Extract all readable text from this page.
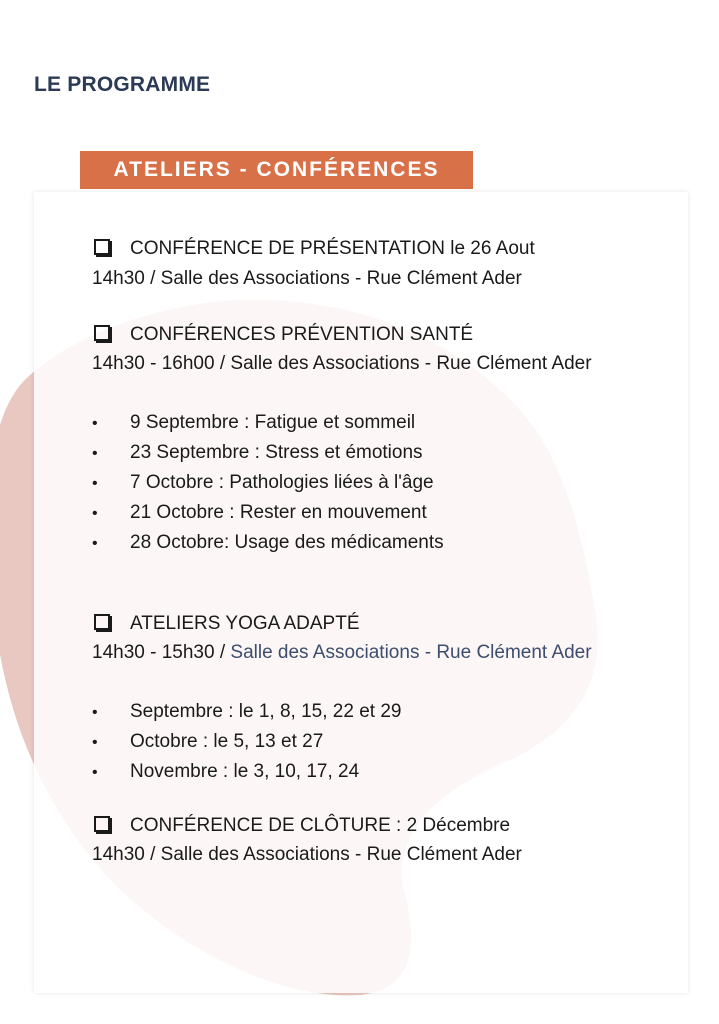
LE PROGRAMME
ATELIERS - CONFÉRENCES
CONFÉRENCE DE PRÉSENTATION le 26 Aout
14h30 / Salle des Associations - Rue Clément Ader
CONFÉRENCES PRÉVENTION SANTÉ
14h30 - 16h00 / Salle des Associations - Rue Clément Ader
• 9 Septembre : Fatigue et sommeil
• 23 Septembre : Stress et émotions
• 7 Octobre : Pathologies liées à l'âge
• 21 Octobre : Rester en mouvement
• 28 Octobre: Usage des médicaments
ATELIERS YOGA ADAPTÉ
14h30 - 15h30 / Salle des Associations - Rue Clément Ader
• Septembre : le 1, 8, 15, 22 et 29
• Octobre : le 5, 13 et 27
• Novembre : le 3, 10, 17, 24
CONFÉRENCE DE CLÔTURE : 2 Décembre
14h30 / Salle des Associations - Rue Clément Ader
